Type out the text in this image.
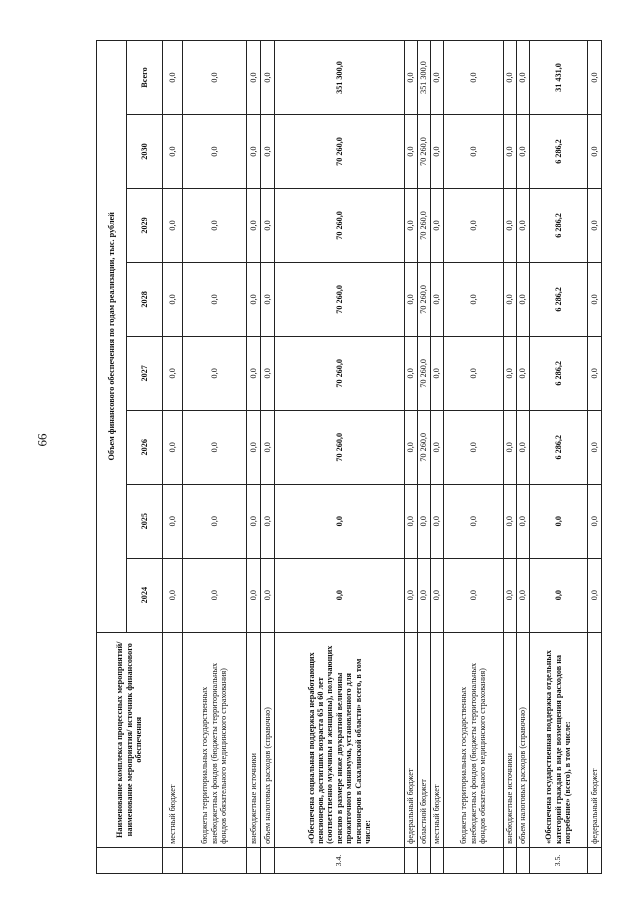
66
	Наименование комплекса процессных мероприятий/наименование мероприятия/ источник финансового обеспечения	Объем финансового обеспечения по годам реализации, тыс. рублей							
		2024	2025	2026	2027	2028	2029	2030	Всего
	местный бюджет	0,0	0,0	0,0	0,0	0,0	0,0	0,0	0,0
	бюджеты территориальных государственных внебюджетных фондов (бюджеты территориальных фондов обязательного медицинского страхования)	0,0	0,0	0,0	0,0	0,0	0,0	0,0	0,0
	внебюджетные источники	0,0	0,0	0,0	0,0	0,0	0,0	0,0	0,0
	объем налоговых расходов (справочно)	0,0	0,0	0,0	0,0	0,0	0,0	0,0	0,0
3.4.	«Обеспечена социальная поддержка неработающих пенсионеров, достигших возраста 65 и 60 лет (соответственно мужчины и женщины), получающих пенсию в размере ниже двукратной величины прожиточного минимума, установленного для пенсионеров в Сахалинской области» всего, в том числе:	0,0	0,0	70 260,0	70 260,0	70 260,0	70 260,0	70 260,0	351 300,0
	федеральный бюджет	0,0	0,0	0,0	0,0	0,0	0,0	0,0	0,0
	областной бюджет	0,0	0,0	70 260,0	70 260,0	70 260,0	70 260,0	70 260,0	351 300,0
	местный бюджет	0,0	0,0	0,0	0,0	0,0	0,0	0,0	0,0
	бюджеты территориальных государственных внебюджетных фондов (бюджеты территориальных фондов обязательного медицинского страхования)	0,0	0,0	0,0	0,0	0,0	0,0	0,0	0,0
	внебюджетные источники	0,0	0,0	0,0	0,0	0,0	0,0	0,0	0,0
	объем налоговых расходов (справочно)	0,0	0,0	0,0	0,0	0,0	0,0	0,0	0,0
3.5.	«Обеспечена государственная поддержка отдельных категорий граждан в виде возмещения расходов на погребение» (всего), в том числе:	0,0	0,0	6 286,2	6 286,2	6 286,2	6 286,2	6 286,2	31 431,0
	федеральный бюджет	0,0	0,0	0,0	0,0	0,0	0,0	0,0	0,0
